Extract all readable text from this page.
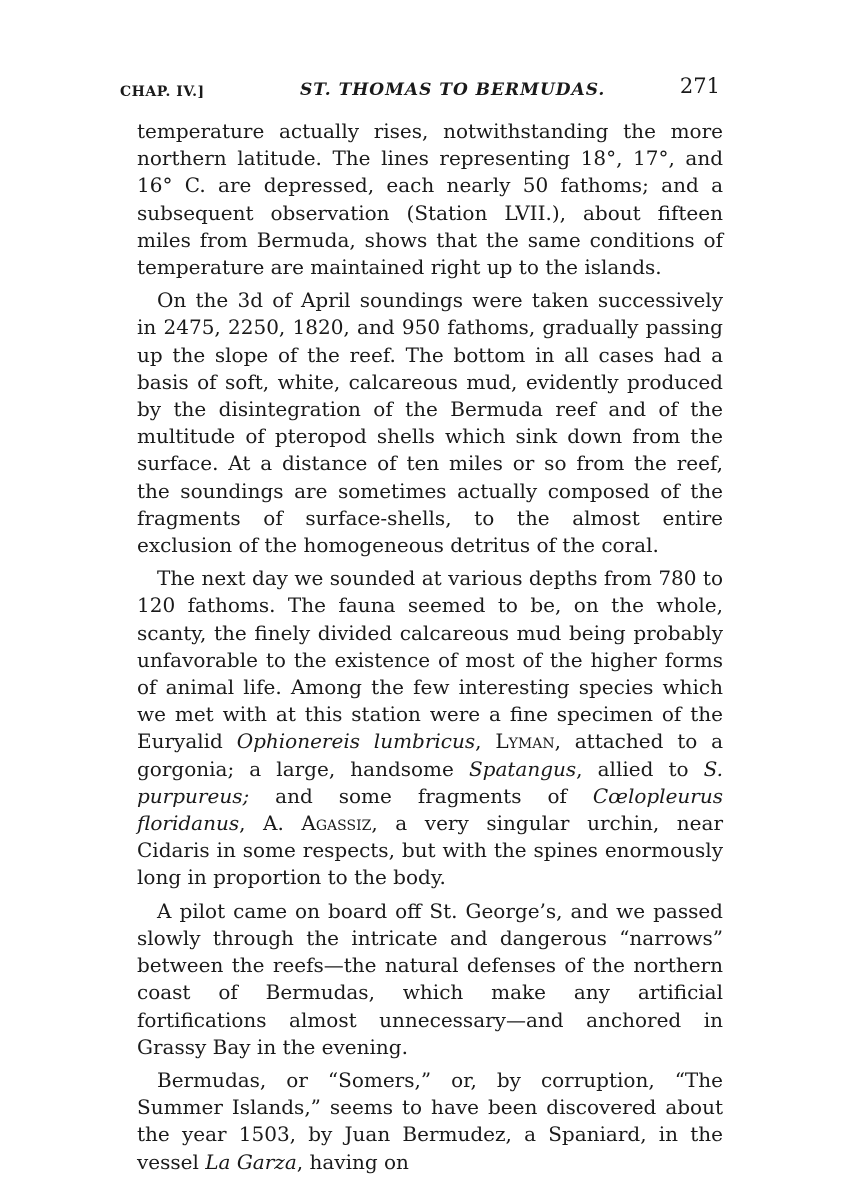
CHAP. IV.]	ST. THOMAS TO BERMUDAS.	271

temperature actually rises, notwithstanding the more northern latitude. The lines representing 18°, 17°, and 16° C. are depressed, each nearly 50 fathoms; and a subsequent observation (Station LVII.), about fifteen miles from Bermuda, shows that the same conditions of temperature are maintained right up to the islands.

On the 3d of April soundings were taken successively in 2475, 2250, 1820, and 950 fathoms, gradually passing up the slope of the reef. The bottom in all cases had a basis of soft, white, calcareous mud, evidently produced by the disintegration of the Bermuda reef and of the multitude of pteropod shells which sink down from the surface. At a distance of ten miles or so from the reef, the soundings are sometimes actually composed of the fragments of surface-shells, to the almost entire exclusion of the homogeneous detritus of the coral.

The next day we sounded at various depths from 780 to 120 fathoms. The fauna seemed to be, on the whole, scanty, the finely divided calcareous mud being probably unfavorable to the existence of most of the higher forms of animal life. Among the few interesting species which we met with at this station were a fine specimen of the Euryalid Ophionereis lumbricus, Lyman, attached to a gorgonia; a large, handsome Spatangus, allied to S. purpureus; and some fragments of Cœlopleurus floridanus, A. Agassiz, a very singular urchin, near Cidaris in some respects, but with the spines enormously long in proportion to the body.

A pilot came on board off St. George’s, and we passed slowly through the intricate and dangerous “narrows” between the reefs—the natural defenses of the northern coast of Bermudas, which make any artificial fortifications almost unnecessary—and anchored in Grassy Bay in the evening.

Bermudas, or “Somers,” or, by corruption, “The Summer Islands,” seems to have been discovered about the year 1503, by Juan Bermudez, a Spaniard, in the vessel La Garza, having on
